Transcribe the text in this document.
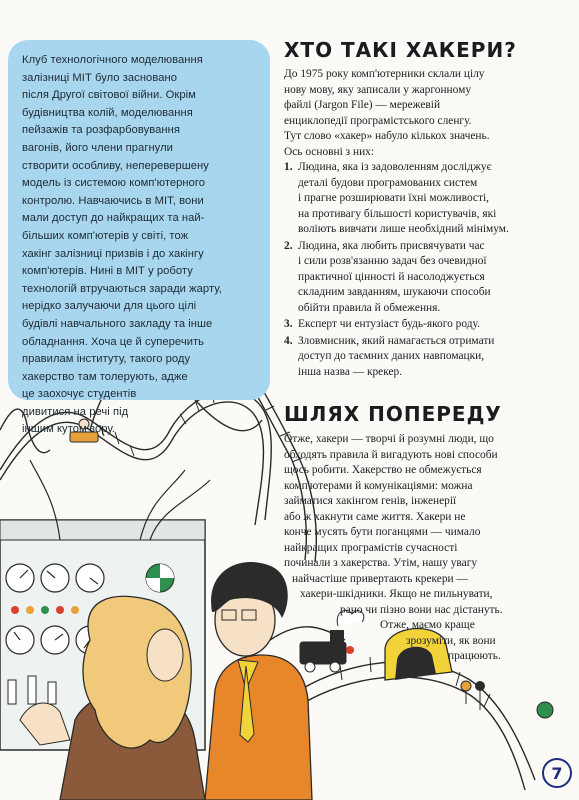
Клуб технологічного моделювання
залізниці МІТ було засновано
після Другої світової війни. Окрім
будівництва колій, моделювання
пейзажів та розфарбовування
вагонів, його члени прагнули
створити особливу, неперевершену
модель із системою комп'ютерного
контролю. Навчаючись в МІТ, вони
мали доступ до найкращих та най-
більших комп'ютерів у світі, тож
хакінг залізниці призвів і до хакінгу
комп'ютерів. Нині в МІТ у роботу
технологій втручаються заради жарту,
нерідко залучаючи для цього цілі
будівлі навчального закладу та інше
обладнання. Хоча це й суперечить
правилам інституту, такого роду
хакерство там толерують, адже
це заохочує студентів
дивитися на речі під
іншим кутом зору.

ХТО ТАКІ ХАКЕРИ?
До 1975 року комп'ютерники склали цілу
нову мову, яку записали у жаргонному
файлі (Jargon File) — мережевій
енциклопедії програмістського сленгу.
Тут слово «хакер» набуло кількох значень.
Ось основні з них:
1. Людина, яка із задоволенням досліджує
деталі будови програмованих систем
і прагне розширювати їхні можливості,
на противагу більшості користувачів, які
воліють вивчати лише необхідний мінімум.
2. Людина, яка любить присвячувати час
і сили розв'язанню задач без очевидної
практичної цінності й насолоджується
складним завданням, шукаючи способи
обійти правила й обмеження.
3. Експерт чи ентузіаст будь-якого роду.
4. Зловмисник, який намагається отримати
доступ до таємних даних навпомацки,
інша назва — крекер.
ШЛЯХ ПОПЕРЕДУ
Отже, хакери — творчі й розумні люди, що
обходять правила й вигадують нові способи
щось робити. Хакерство не обмежується
комп'ютерами й комунікаціями: можна
займатися хакінгом генів, інженерії
або ж хакнути саме життя. Хакери не
конче мусять бути поганцями — чимало
найкращих програмістів сучасності
починали з хакерства. Утім, нашу увагу
найчастіше привертають крекери —
хакери-шкідники. Якщо не пильнувати,
рано чи пізно вони нас дістануть.
Отже, маємо краще
зрозуміти, як вони
працюють.
7
